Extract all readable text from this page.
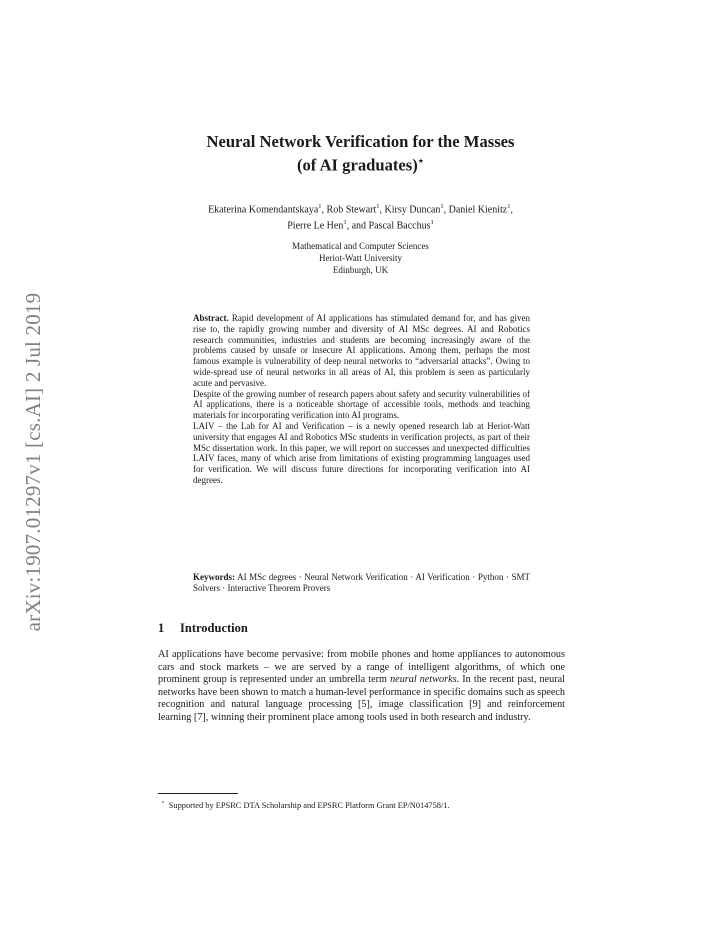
arXiv:1907.01297v1 [cs.AI] 2 Jul 2019
Neural Network Verification for the Masses
(of AI graduates)⋆
Ekaterina Komendantskaya$^1$, Rob Stewart$^1$, Kirsy Duncan$^1$, Daniel Kienitz$^1$,
Pierre Le Hen$^1$, and Pascal Bacchus$^1$
Mathematical and Computer Sciences
Heriot-Watt University
Edinburgh, UK

Abstract. Rapid development of AI applications has stimulated demand for, and has given rise to, the rapidly growing number and diversity of AI MSc degrees. AI and Robotics research communities, industries and students are becoming increasingly aware of the problems caused by unsafe or insecure AI applications. Among them, perhaps the most famous example is vulnerability of deep neural networks to “adversarial attacks”. Owing to wide-spread use of neural networks in all areas of AI, this problem is seen as particularly acute and pervasive.

Despite of the growing number of research papers about safety and security vulnerabilities of AI applications, there is a noticeable shortage of accessible tools, methods and teaching materials for incorporating verification into AI programs.

LAIV – the Lab for AI and Verification – is a newly opened research lab at Heriot-Watt university that engages AI and Robotics MSc students in verification projects, as part of their MSc dissertation work. In this paper, we will report on successes and unexpected difficulties LAIV faces, many of which arise from limitations of existing programming languages used for verification. We will discuss future directions for incorporating verification into AI degrees.

Keywords: AI MSc degrees · Neural Network Verification · AI Verification · Python · SMT Solvers · Interactive Theorem Provers
1 Introduction

AI applications have become pervasive: from mobile phones and home appliances to autonomous cars and stock markets – we are served by a range of intelligent algorithms, of which one prominent group is represented under an umbrella term neural networks. In the recent past, neural networks have been shown to match a human-level performance in specific domains such as speech recognition and natural language processing [5], image classification [9] and reinforcement learning [7], winning their prominent place among tools used in both research and industry.

⋆ Supported by EPSRC DTA Scholarship and EPSRC Platform Grant EP/N014758/1.
